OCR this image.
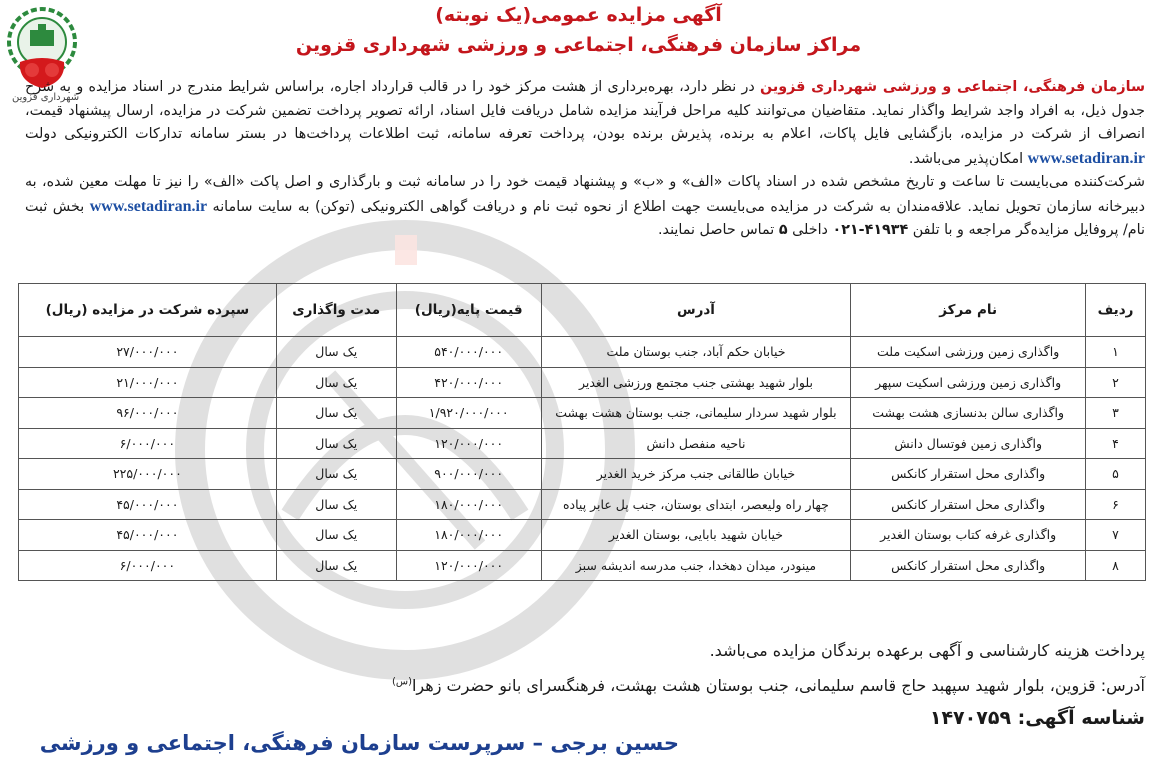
شهرداری قزوین
آگهی مزایده عمومی(یک نوبته)
مراکز سازمان فرهنگی، اجتماعی و ورزشی شهرداری قزوین
سازمان فرهنگی، اجتماعی و ورزشی شهرداری قزوین در نظر دارد، بهره‌برداری از هشت مرکز خود را در قالب قرارداد اجاره، براساس شرایط مندرج در اسناد مزایده و به شرح جدول ذیل، به افراد واجد شرایط واگذار نماید. متقاضیان می‌توانند کلیه مراحل فرآیند مزایده شامل دریافت فایل اسناد، ارائه تصویر پرداخت تضمین شرکت در مزایده، ارسال پیشنهاد قیمت، انصراف از شرکت در مزایده، بازگشایی فایل پاکات، اعلام به برنده، پذیرش برنده بودن، پرداخت تعرفه سامانه، ثبت اطلاعات پرداخت‌ها در بستر سامانه تدارکات الکترونیکی دولت www.setadiran.ir امکان‌پذیر می‌باشد.
شرکت‌کننده می‌بایست تا ساعت و تاریخ مشخص شده در اسناد پاکات «الف» و «ب» و پیشنهاد قیمت خود را در سامانه ثبت و بارگذاری و اصل پاکت «الف» را نیز تا مهلت معین شده، به دبیرخانه سازمان تحویل نماید. علاقه‌مندان به شرکت در مزایده می‌بایست جهت اطلاع از نحوه ثبت نام و دریافت گواهی الکترونیکی (توکن) به سایت سامانه www.setadiran.ir بخش ثبت نام/ پروفایل مزایده‌گر مراجعه و با تلفن ۴۱۹۳۴-۰۲۱ داخلی ۵ تماس حاصل نمایند.
ردیف	نام مرکز	آدرس	قیمت پایه(ریال)	مدت واگذاری	سپرده شرکت در مزایده (ریال)
۱	واگذاری زمین ورزشی اسکیت ملت	خیابان حکم آباد، جنب بوستان ملت	۵۴۰/۰۰۰/۰۰۰	یک سال	۲۷/۰۰۰/۰۰۰
۲	واگذاری زمین ورزشی اسکیت سپهر	بلوار شهید بهشتی جنب مجتمع ورزشی الغدیر	۴۲۰/۰۰۰/۰۰۰	یک سال	۲۱/۰۰۰/۰۰۰
۳	واگذاری سالن بدنسازی هشت بهشت	بلوار شهید سردار سلیمانی، جنب بوستان هشت بهشت	۱/۹۲۰/۰۰۰/۰۰۰	یک سال	۹۶/۰۰۰/۰۰۰
۴	واگذاری زمین فوتسال دانش	ناحیه منفصل دانش	۱۲۰/۰۰۰/۰۰۰	یک سال	۶/۰۰۰/۰۰۰
۵	واگذاری محل استقرار کانکس	خیابان طالقانی جنب مرکز خرید الغدیر	۹۰۰/۰۰۰/۰۰۰	یک سال	۲۲۵/۰۰۰/۰۰۰
۶	واگذاری محل استقرار کانکس	چهار راه ولیعصر، ابتدای بوستان، جنب پل عابر پیاده	۱۸۰/۰۰۰/۰۰۰	یک سال	۴۵/۰۰۰/۰۰۰
۷	واگذاری غرفه کتاب بوستان الغدیر	خیابان شهید بابایی، بوستان الغدیر	۱۸۰/۰۰۰/۰۰۰	یک سال	۴۵/۰۰۰/۰۰۰
۸	واگذاری محل استقرار کانکس	مینودر، میدان دهخدا، جنب مدرسه اندیشه سبز	۱۲۰/۰۰۰/۰۰۰	یک سال	۶/۰۰۰/۰۰۰
پرداخت هزینه کارشناسی و آگهی برعهده برندگان مزایده می‌باشد.
آدرس: قزوین، بلوار شهید سپهبد حاج قاسم سلیمانی، جنب بوستان هشت بهشت، فرهنگسرای بانو حضرت زهرا$^{(س)}$
شناسه آگهی: ۱۴۷۰۷۵۹
حسین برجی – سرپرست سازمان فرهنگی، اجتماعی و ورزشی
